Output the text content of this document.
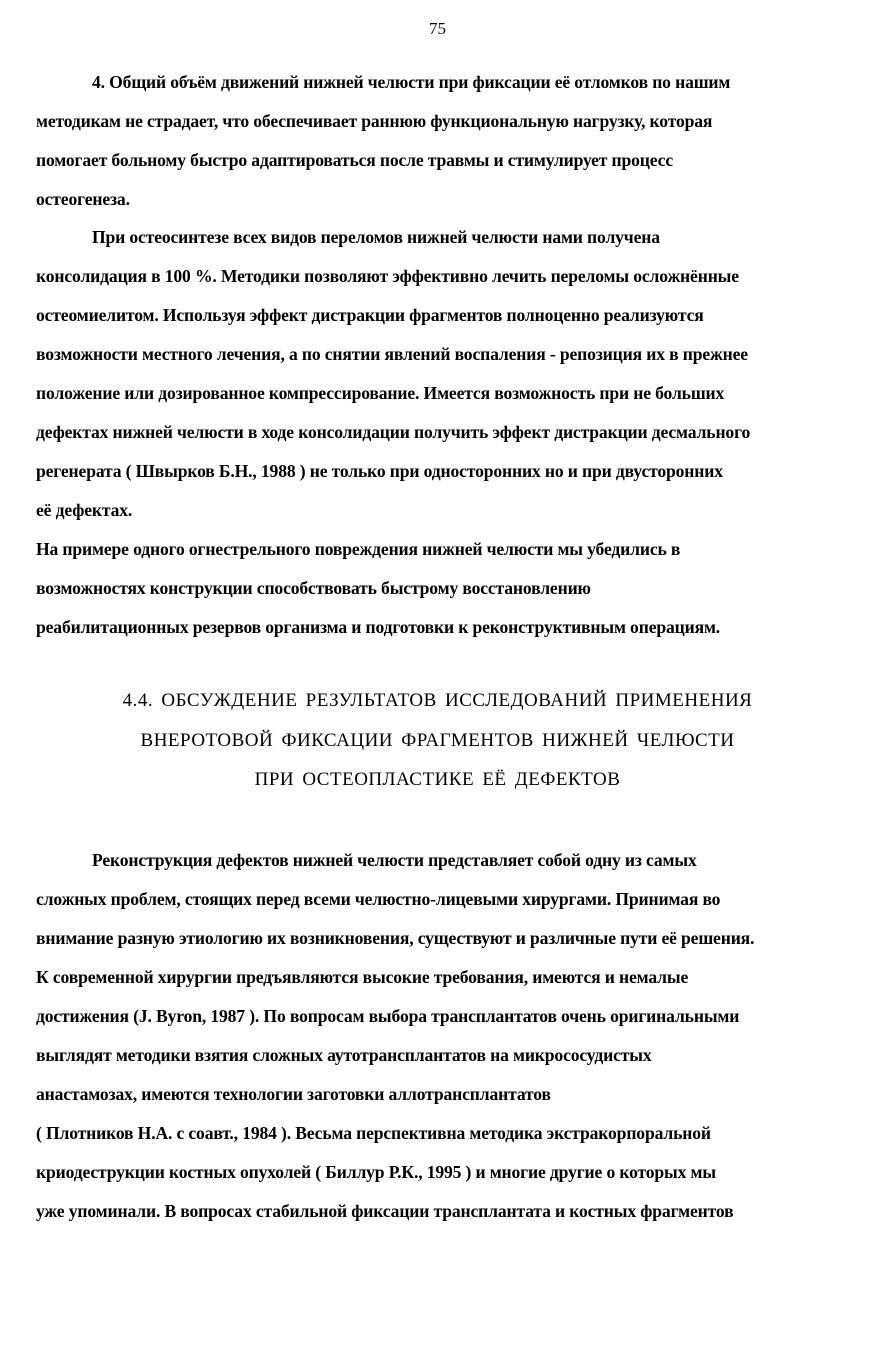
75
4. Общий объём движений нижней челюсти при фиксации её отломков по нашим
методикам не страдает, что обеспечивает раннюю функциональную нагрузку, которая
помогает больному быстро адаптироваться после травмы и стимулирует процесс
остеогенеза.
При остеосинтезе всех видов переломов нижней челюсти нами получена
консолидация в 100 %. Методики позволяют эффективно лечить переломы осложнённые
остеомиелитом. Используя эффект дистракции фрагментов полноценно реализуются
возможности местного лечения, а по снятии явлений воспаления - репозиция их в прежнее
положение или дозированное компрессирование. Имеется возможность при не больших
дефектах нижней челюсти в ходе консолидации получить эффект дистракции десмального
регенерата ( Швырков Б.Н., 1988 ) не только при односторонних но и при двусторонних
её дефектах.
На примере одного огнестрельного повреждения нижней челюсти мы убедились в
возможностях конструкции способствовать быстрому восстановлению
реабилитационных резервов организма и подготовки к реконструктивным операциям.
4.4. ОБСУЖДЕНИЕ РЕЗУЛЬТАТОВ ИССЛЕДОВАНИЙ ПРИМЕНЕНИЯ
ВНЕРОТОВОЙ ФИКСАЦИИ ФРАГМЕНТОВ НИЖНЕЙ ЧЕЛЮСТИ
ПРИ ОСТЕОПЛАСТИКЕ ЕЁ ДЕФЕКТОВ
Реконструкция дефектов нижней челюсти представляет собой одну из самых
сложных проблем, стоящих перед всеми челюстно-лицевыми хирургами. Принимая во
внимание разную этиологию их возникновения, существуют и различные пути её решения.
К современной хирургии предъявляются высокие требования, имеются и немалые
достижения (J. Byron, 1987 ). По вопросам выбора трансплантатов очень оригинальными
выглядят методики взятия сложных аутотрансплантатов на микрососудистых
анастамозах, имеются технологии заготовки аллотрансплантатов
( Плотников Н.А. с соавт., 1984 ). Весьма перспективна методика экстракорпоральной
криодеструкции костных опухолей ( Биллур Р.К., 1995 ) и многие другие о которых мы
уже упоминали. В вопросах стабильной фиксации трансплантата и костных фрагментов
